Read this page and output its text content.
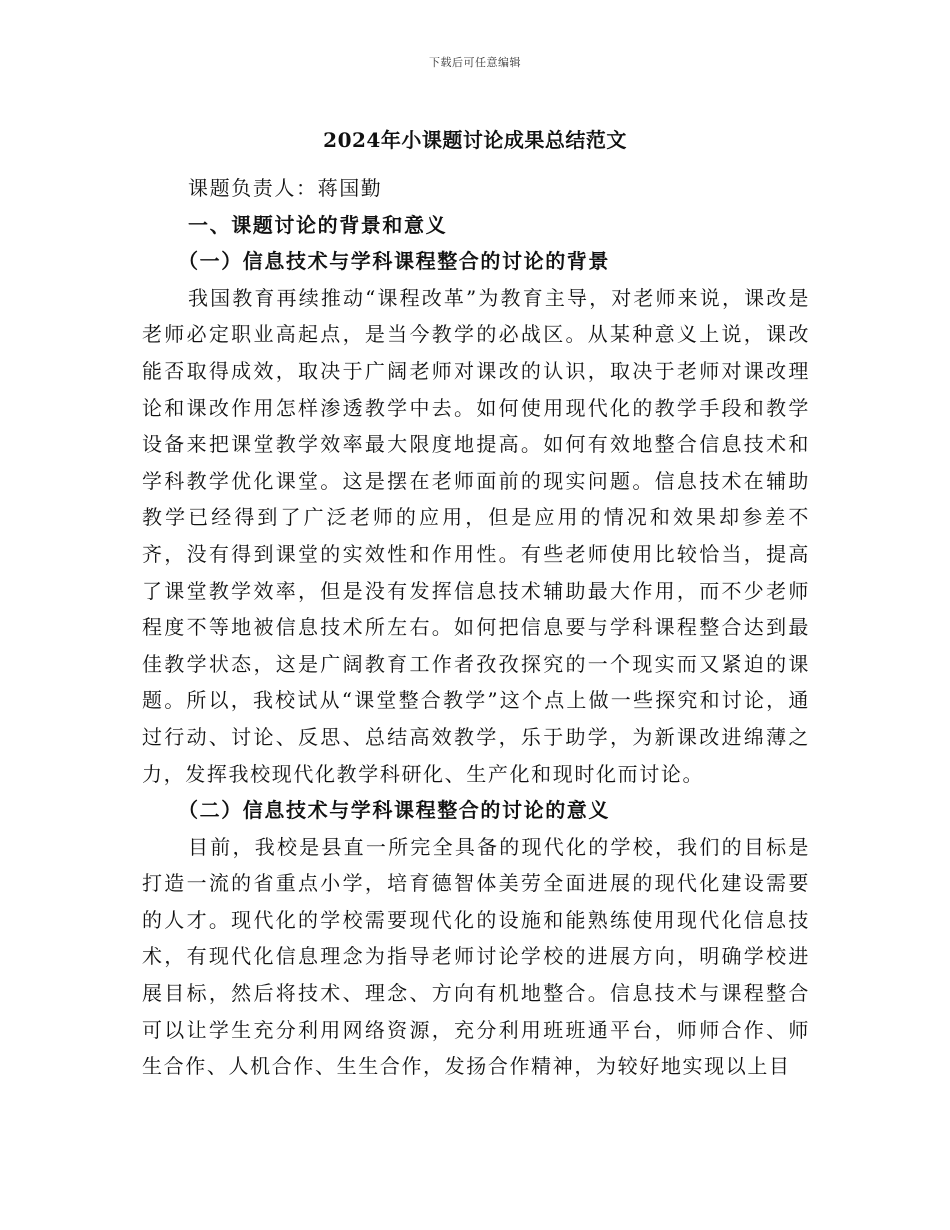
下载后可任意编辑
2024年小课题讨论成果总结范文

课题负责人：蒋国勤

一、课题讨论的背景和意义

（一）信息技术与学科课程整合的讨论的背景

我国教育再续推动“课程改革”为教育主导，对老师来说，课改是老师必定职业高起点，是当今教学的必战区。从某种意义上说，课改能否取得成效，取决于广阔老师对课改的认识，取决于老师对课改理论和课改作用怎样渗透教学中去。如何使用现代化的教学手段和教学设备来把课堂教学效率最大限度地提高。如何有效地整合信息技术和学科教学优化课堂。这是摆在老师面前的现实问题。信息技术在辅助教学已经得到了广泛老师的应用，但是应用的情况和效果却参差不齐，没有得到课堂的实效性和作用性。有些老师使用比较恰当，提高了课堂教学效率，但是没有发挥信息技术辅助最大作用，而不少老师程度不等地被信息技术所左右。如何把信息要与学科课程整合达到最佳教学状态，这是广阔教育工作者孜孜探究的一个现实而又紧迫的课题。所以，我校试从“课堂整合教学”这个点上做一些探究和讨论，通过行动、讨论、反思、总结高效教学，乐于助学，为新课改进绵薄之力，发挥我校现代化教学科研化、生产化和现时化而讨论。

（二）信息技术与学科课程整合的讨论的意义

目前，我校是县直一所完全具备的现代化的学校，我们的目标是打造一流的省重点小学，培育德智体美劳全面进展的现代化建设需要的人才。现代化的学校需要现代化的设施和能熟练使用现代化信息技术，有现代化信息理念为指导老师讨论学校的进展方向，明确学校进展目标，然后将技术、理念、方向有机地整合。信息技术与课程整合可以让学生充分利用网络资源，充分利用班班通平台，师师合作、师生合作、人机合作、生生合作，发扬合作精神，为较好地实现以上目
